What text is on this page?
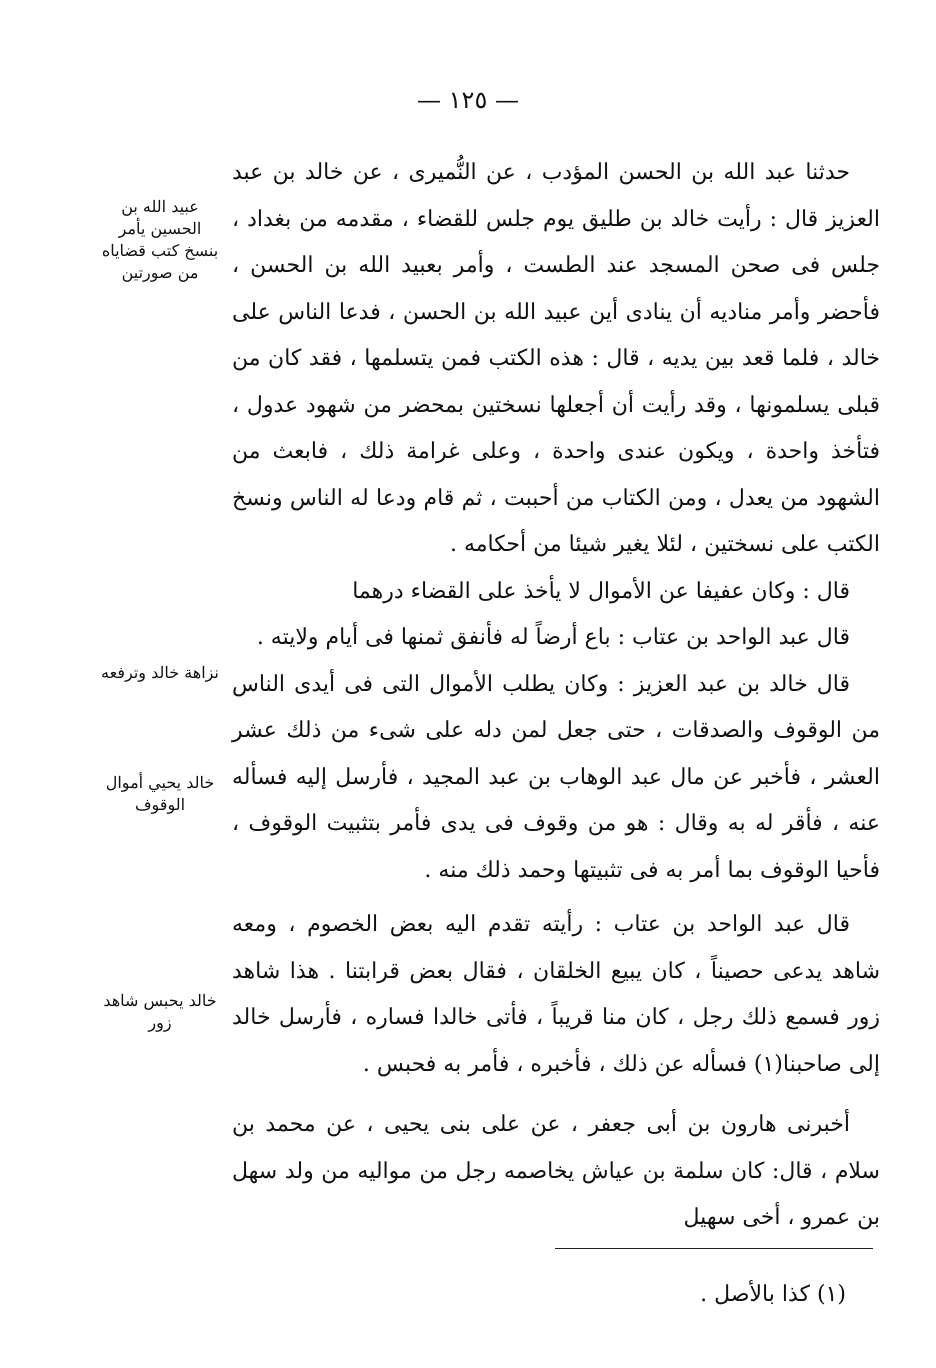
— ١٢٥ —
عبيد الله بن الحسين يأمر بنسخ كتب قضاياه من صورتين
نزاهة خالد وترفعه
خالد يحيي أموال الوقوف
خالد يحبس شاهد زور

حدثنا عبد الله بن الحسن المؤدب ، عن النُّميرى ، عن خالد بن عبد العزيز قال : رأيت خالد بن طليق يوم جلس للقضاء ، مقدمه من بغداد ، جلس فى صحن المسجد عند الطست ، وأمر بعبيد الله بن الحسن ، فأحضر وأمر مناديه أن ينادى أين عبيد الله بن الحسن ، فدعا الناس على خالد ، فلما قعد بين يديه ، قال : هذه الكتب فمن يتسلمها ، فقد كان من قبلى يسلمونها ، وقد رأيت أن أجعلها نسختين بمحضر من شهود عدول ، فتأخذ واحدة ، ويكون عندى واحدة ، وعلى غرامة ذلك ، فابعث من الشهود من يعدل ، ومن الكتاب من أحببت ، ثم قام ودعا له الناس ونسخ الكتب على نسختين ، لئلا يغير شيئا من أحكامه .

قال : وكان عفيفا عن الأموال لا يأخذ على القضاء درهما

قال عبد الواحد بن عتاب : باع أرضاً له فأنفق ثمنها فى أيام ولايته .

قال خالد بن عبد العزيز : وكان يطلب الأموال التى فى أيدى الناس من الوقوف والصدقات ، حتى جعل لمن دله على شىء من ذلك عشر العشر ، فأخبر عن مال عبد الوهاب بن عبد المجيد ، فأرسل إليه فسأله عنه ، فأقر له به وقال : هو من وقوف فى يدى فأمر بتثبيت الوقوف ، فأحيا الوقوف بما أمر به فى تثبيتها وحمد ذلك منه .

قال عبد الواحد بن عتاب : رأيته تقدم اليه بعض الخصوم ، ومعه شاهد يدعى حصيناً ، كان يبيع الخلقان ، فقال بعض قرابتنا . هذا شاهد زور فسمع ذلك رجل ، كان منا قريباً ، فأتى خالدا فساره ، فأرسل خالد إلى صاحبنا(١) فسأله عن ذلك ، فأخبره ، فأمر به فحبس .

أخبرنى هارون بن أبى جعفر ، عن على بنى يحيى ، عن محمد بن سلام ، قال: كان سلمة بن عياش يخاصمه رجل من مواليه من ولد سهل بن عمرو ، أخى سهيل

(١) كذا بالأصل .
